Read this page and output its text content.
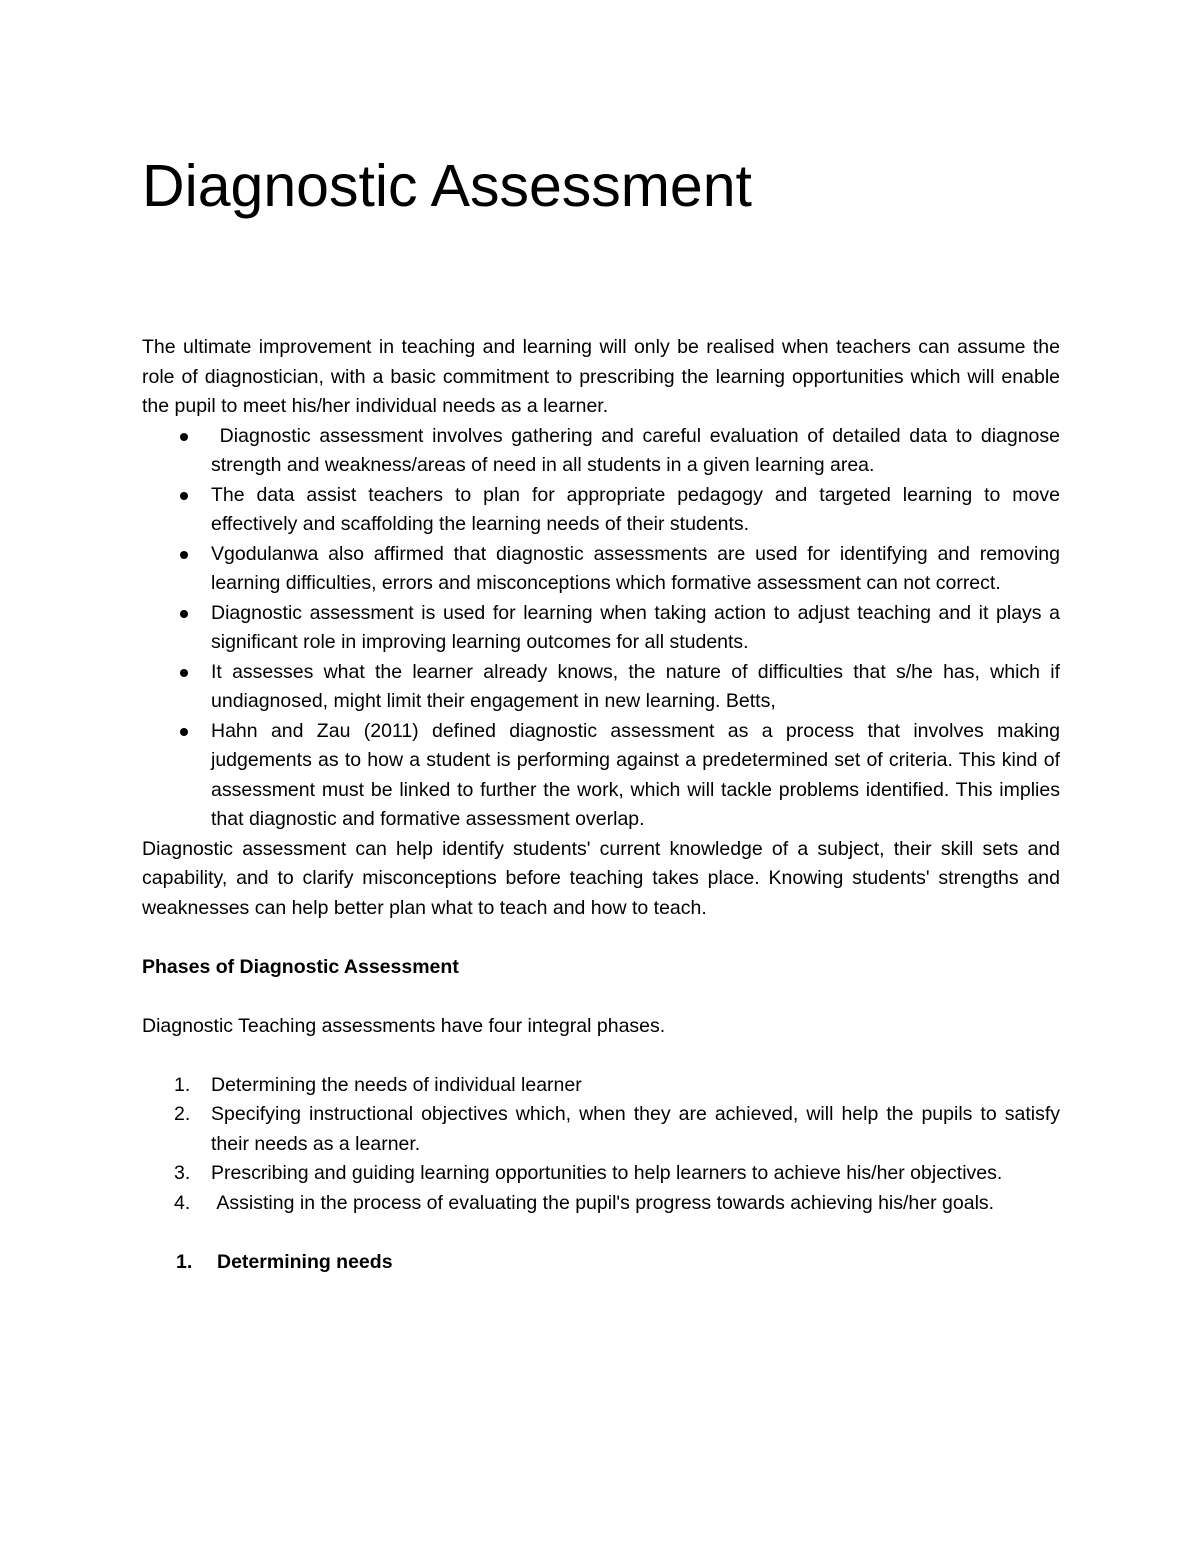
Diagnostic Assessment

The ultimate improvement in teaching and learning will only be realised when teachers can assume the role of diagnostician, with a basic commitment to prescribing the learning opportunities which will enable the pupil to meet his/her individual needs as a learner.

Diagnostic assessment involves gathering and careful evaluation of detailed data to diagnose strength and weakness/areas of need in all students in a given learning area.
The data assist teachers to plan for appropriate pedagogy and targeted learning to move effectively and scaffolding the learning needs of their students.
Vgodulanwa also affirmed that diagnostic assessments are used for identifying and removing learning difficulties, errors and misconceptions which formative assessment can not correct.
Diagnostic assessment is used for learning when taking action to adjust teaching and it plays a significant role in improving learning outcomes for all students.
It assesses what the learner already knows, the nature of difficulties that s/he has, which if undiagnosed, might limit their engagement in new learning. Betts,
Hahn and Zau (2011) defined diagnostic assessment as a process that involves making judgements as to how a student is performing against a predetermined set of criteria. This kind of assessment must be linked to further the work, which will tackle problems identified. This implies that diagnostic and formative assessment overlap.

Diagnostic assessment can help identify students' current knowledge of a subject, their skill sets and capability, and to clarify misconceptions before teaching takes place. Knowing students' strengths and weaknesses can help better plan what to teach and how to teach.

Phases of Diagnostic Assessment

Diagnostic Teaching assessments have four integral phases.

1. Determining the needs of individual learner
2. Specifying instructional objectives which, when they are achieved, will help the pupils to satisfy their needs as a learner.
3. Prescribing and guiding learning opportunities to help learners to achieve his/her objectives.
4. Assisting in the process of evaluating the pupil's progress towards achieving his/her goals.

1. Determining needs
